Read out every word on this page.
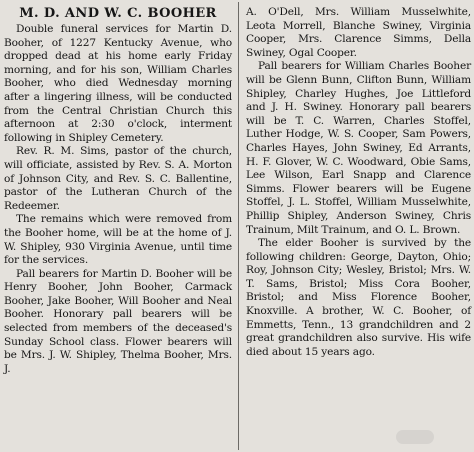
M. D. AND W. C. BOOHER

Double funeral services for Martin D. Booher, of 1227 Kentucky Avenue, who dropped dead at his home early Friday morning, and for his son, William Charles Booher, who died Wednesday morning after a lingering illness, will be conducted from the Central Christian Church this afternoon at 2:30 o'clock, interment following in Shipley Cemetery.

Rev. R. M. Sims, pastor of the church, will officiate, assisted by Rev. S. A. Morton of Johnson City, and Rev. S. C. Ballentine, pastor of the Lutheran Church of the Redeemer.

The remains which were removed from the Booher home, will be at the home of J. W. Shipley, 930 Virginia Avenue, until time for the services.

Pall bearers for Martin D. Booher will be Henry Booher, John Booher, Carmack Booher, Jake Booher, Will Booher and Neal Booher. Honorary pall bearers will be selected from members of the deceased's Sunday School class. Flower bearers will be Mrs. J. W. Shipley, Thelma Booher, Mrs. J.

A. O'Dell, Mrs. William Musselwhite, Leota Morrell, Blanche Swiney, Virginia Cooper, Mrs. Clarence Simms, Della Swiney, Ogal Cooper.

Pall bearers for William Charles Booher will be Glenn Bunn, Clifton Bunn, William Shipley, Charley Hughes, Joe Littleford and J. H. Swiney. Honorary pall bearers will be T. C. Warren, Charles Stoffel, Luther Hodge, W. S. Cooper, Sam Powers, Charles Hayes, John Swiney, Ed Arrants, H. F. Glover, W. C. Woodward, Obie Sams, Lee Wilson, Earl Snapp and Clarence Simms. Flower bearers will be Eugene Stoffel, J. L. Stoffel, William Musselwhite, Phillip Shipley, Anderson Swiney, Chris Trainum, Milt Trainum, and O. L. Brown.

The elder Booher is survived by the following children: George, Dayton, Ohio; Roy, Johnson City; Wesley, Bristol; Mrs. W. T. Sams, Bristol; Miss Cora Booher, Bristol; and Miss Florence Booher, Knoxville. A brother, W. C. Booher, of Emmetts, Tenn., 13 grandchildren and 2 great grandchildren also survive. His wife died about 15 years ago.
